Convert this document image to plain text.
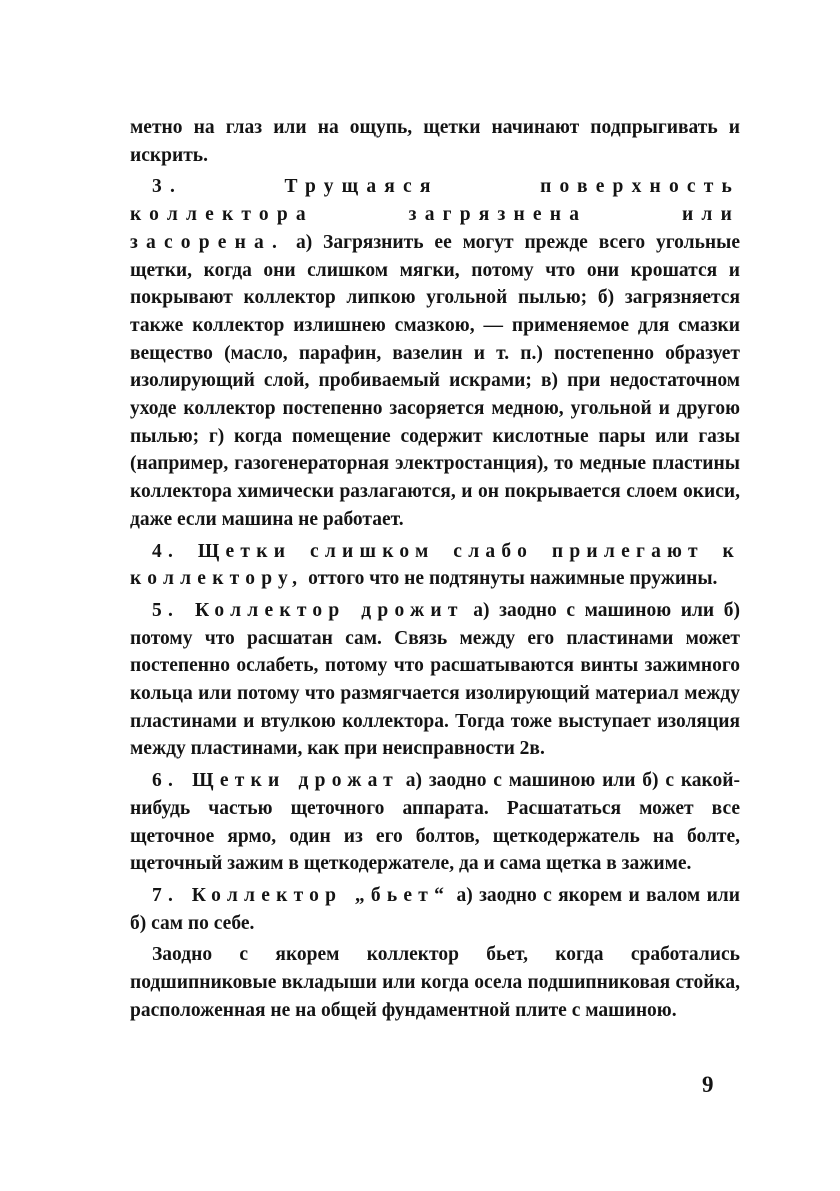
метно на глаз или на ощупь, щетки начинают подпрыгивать и искрить.

3. Трущаяся поверхность коллектора загрязнена или засорена. а) Загрязнить ее могут прежде всего угольные щетки, когда они слишком мягки, потому что они крошатся и покрывают коллектор липкою угольной пылью; б) загрязняется также коллектор излишнею смазкою, — применяемое для смазки вещество (масло, парафин, вазелин и т. п.) постепенно образует изолирующий слой, пробиваемый искрами; в) при недостаточном уходе коллектор постепенно засоряется медною, угольной и другою пылью; г) когда помещение содержит кислотные пары или газы (например, газогенераторная электростанция), то медные пластины коллектора химически разлагаются, и он покрывается слоем окиси, даже если машина не работает.

4. Щетки слишком слабо прилегают к коллектору, оттого что не подтянуты нажимные пружины.

5. Коллектор дрожит а) заодно с машиною или б) потому что расшатан сам. Связь между его пластинами может постепенно ослабеть, потому что расшатываются винты зажимного кольца или потому что размягчается изолирующий материал между пластинами и втулкою коллектора. Тогда тоже выступает изоляция между пластинами, как при неисправности 2в.

6. Щетки дрожат а) заодно с машиною или б) с какой-нибудь частью щеточного аппарата. Расшататься может все щеточное ярмо, один из его болтов, щеткодержатель на болте, щеточный зажим в щеткодержателе, да и сама щетка в зажиме.

7. Коллектор „бьет“ а) заодно с якорем и валом или б) сам по себе.

Заодно с якорем коллектор бьет, когда сработались подшипниковые вкладыши или когда осела подшипниковая стойка, расположенная не на общей фундаментной плите с машиною.

9
